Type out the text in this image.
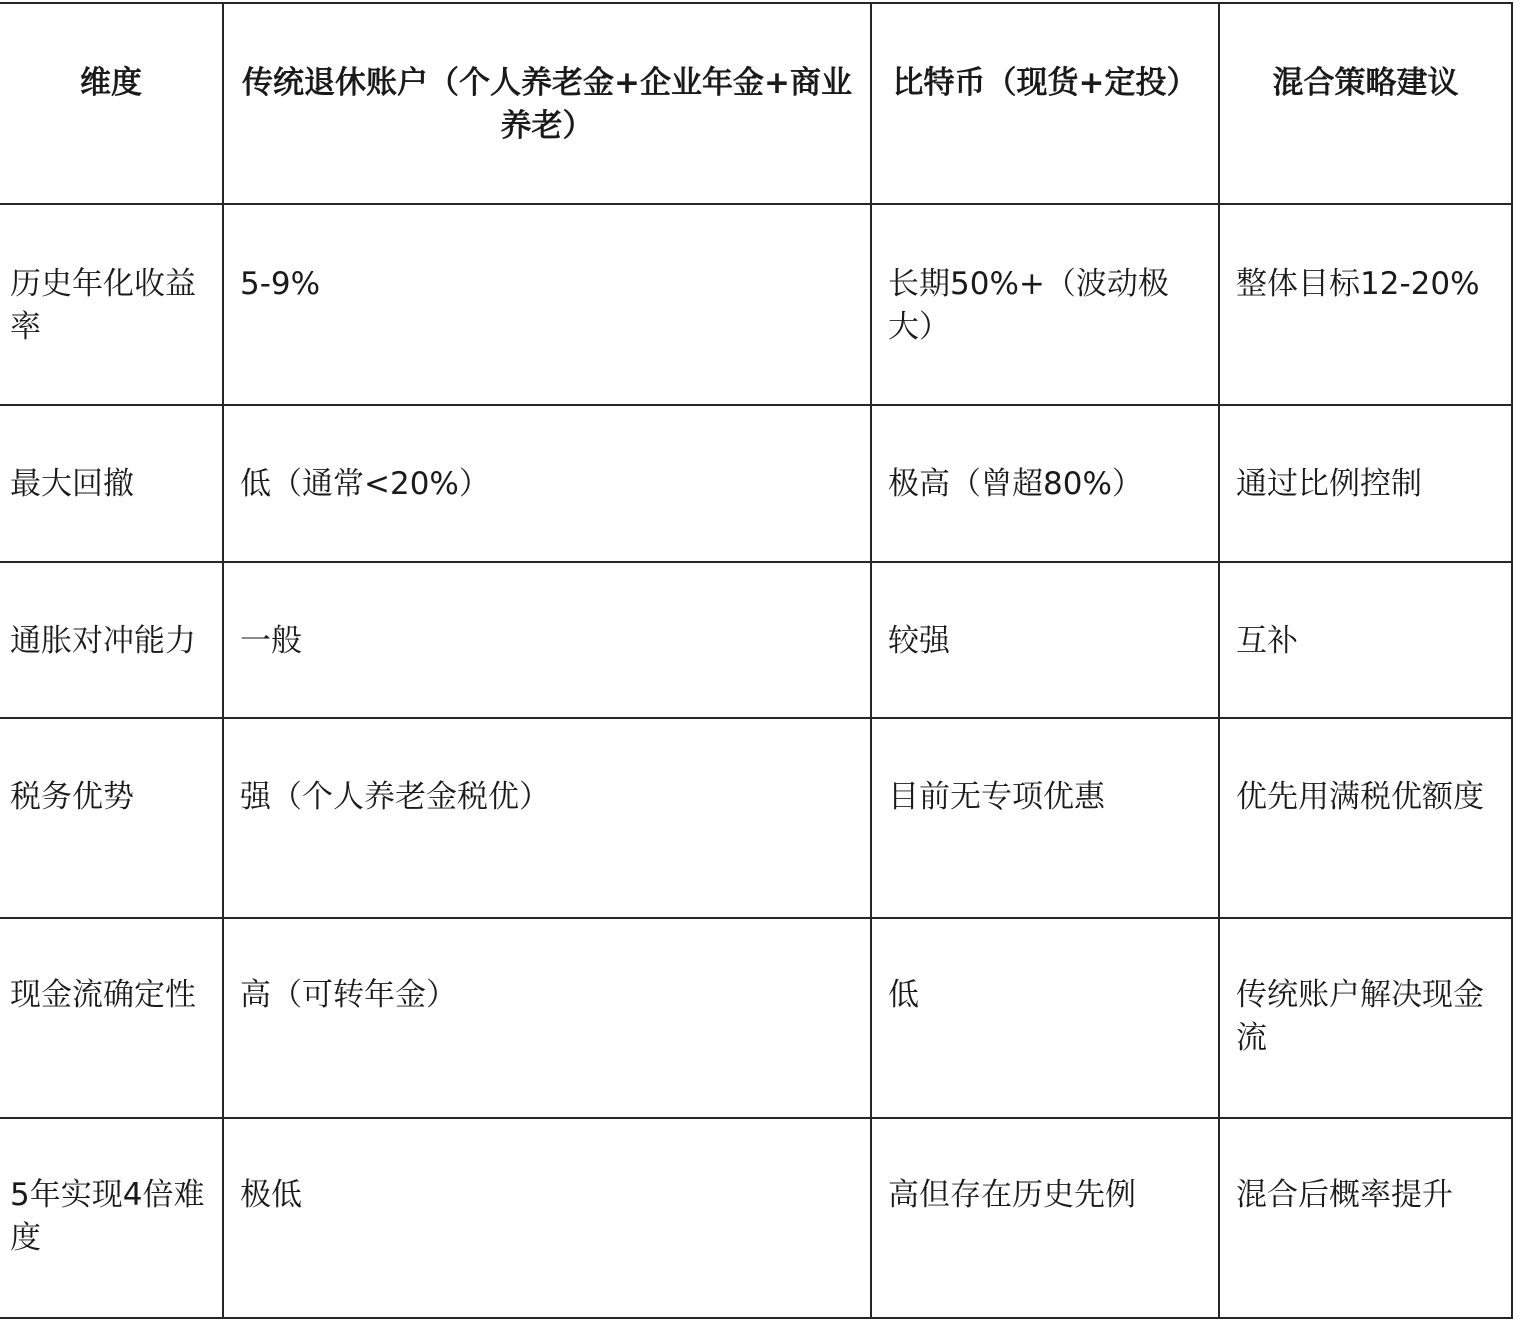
维度	传统退休账户（个人养老金+企业年金+商业养老）	比特币（现货+定投）	混合策略建议
历史年化收益率	5-9%	长期50%+（波动极大）	整体目标12-20%
最大回撤	低（通常<20%）	极高（曾超80%）	通过比例控制
通胀对冲能力	一般	较强	互补
税务优势	强（个人养老金税优）	目前无专项优惠	优先用满税优额度
现金流确定性	高（可转年金）	低	传统账户解决现金流
5年实现4倍难度	极低	高但存在历史先例	混合后概率提升
